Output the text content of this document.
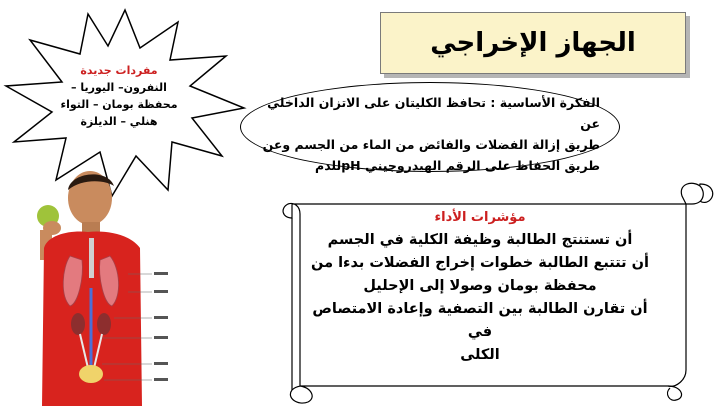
الجهاز الإخراجي
مفردات جديدة
النفرون– اليوريا –
محفظة بومان – التواء
هنلي – الديلزة
الفكرة الأساسية : تحافظ الكليتان على الاتزان الداخلي عن
طريق إزالة الفضلات والفائض من الماء من الجسم وعن
طريق الحفاظ على الرقم الهيدروجيني pHللدم
مؤشرات الأداء
أن تستنتج الطالبة وظيفة الكلية في الجسم
أن تتتبع الطالبة خطوات إخراج الفضلات بدءا من
محفظة بومان وصولا إلى الإحليل
أن تقارن الطالبة بين التصفية وإعادة الامتصاص في
الكلى
